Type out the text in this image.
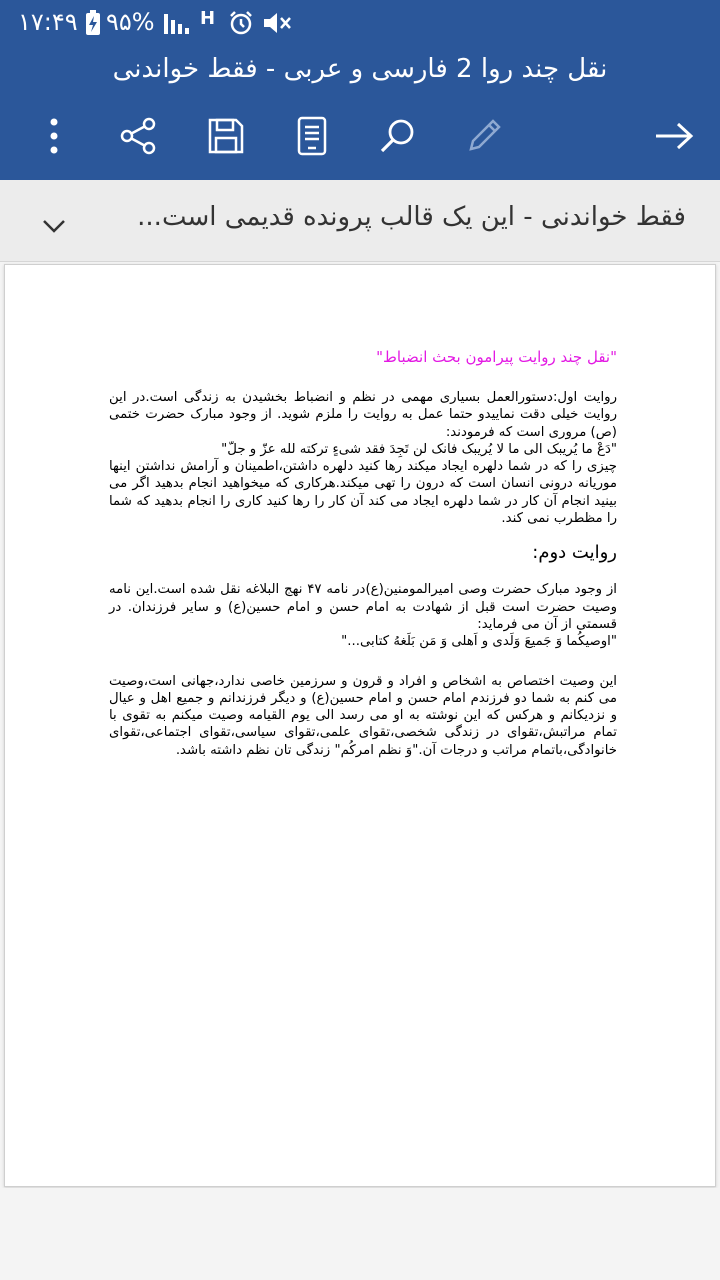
۱۷:۴۹ ۹۵%	H
نقل چند روا 2 فارسی و عربی - فقط خواندنی
فقط خواندنی - این یک قالب پرونده قدیمی است...
"نقل چند روایت پیرامون بحث انضباط"
روایت اول:دستورالعمل بسیاری مهمی در نظم و انضباط بخشیدن به زندگی است.در این روایت خیلی دقت نماییدو حتما عمل به روایت را ملزم شوید. از وجود مبارک حضرت ختمی (ص) مروری است که فرمودند:
"دَعْ ما یُریبک الی ما لا یُریبک فانک لن تَجِدَ فقد شیءٍ ترکته لله عزّ و جلّ"
چیزی را که در شما دلهره ایجاد میکند رها کنید دلهره داشتن،اطمینان و آرامش نداشتن اینها موریانه درونی انسان است که درون را تهی میکند.هرکاری که میخواهید انجام بدهید اگر می بینید انجام آن کار در شما دلهره ایجاد می کند آن کار را رها کنید کاری را انجام بدهید که شما را مظطرب نمی کند.
روایت دوم:
از وجود مبارک حضرت وصی امیرالمومنین(ع)در نامه ۴۷ نهج البلاغه نقل شده است.این نامه وصیت حضرت است قبل از شهادت به امام حسن و امام حسین(ع) و سایر فرزندان. در قسمتی از آن می فرماید:
"اوصیکُما وَ جَمیعَ وَلَدی و اَهلی وَ مَن بَلَغهُ کتابی..."
این وصیت اختصاص به اشخاص و افراد و قرون و سرزمین خاصی ندارد،جهانی است،وصیت می کنم به شما دو فرزندم امام حسن و امام حسین(ع) و دیگر فرزندانم و جمیع اهل و عیال و نزدیکانم و هرکس که این نوشته به او می رسد الی یوم القیامه وصیت میکنم به تقوی با تمام مراتبش،تقوای در زندگی شخصی،تقوای علمی،تقوای سیاسی،تقوای اجتماعی،تقوای خانوادگی،باتمام مراتب و درجات آن."وَ نظم امرکُم" زندگی تان نظم داشته باشد.
